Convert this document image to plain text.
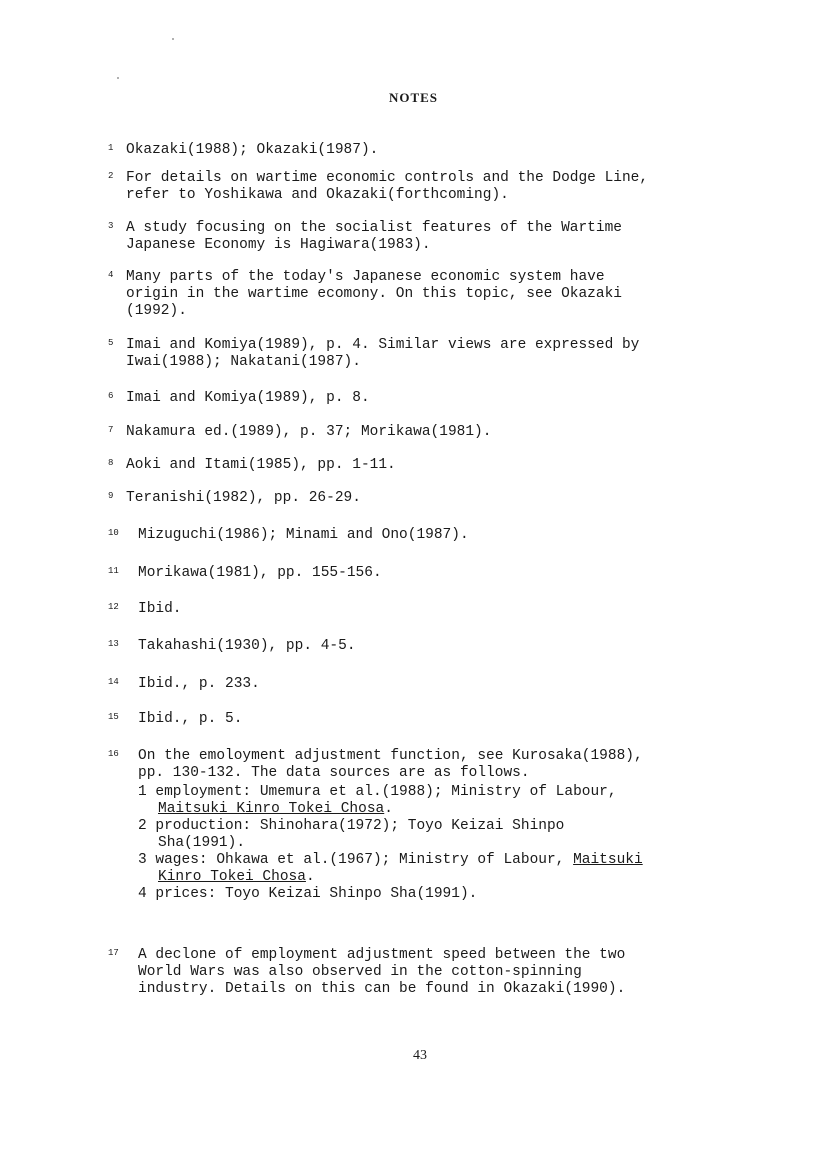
NOTES
1 Okazaki(1988); Okazaki(1987).
2 For details on wartime economic controls and the Dodge Line,
refer to Yoshikawa and Okazaki(forthcoming).
3 A study focusing on the socialist features of the Wartime
Japanese Economy is Hagiwara(1983).
4 Many parts of the today's Japanese economic system have
origin in the wartime ecomony. On this topic, see Okazaki
(1992).
5 Imai and Komiya(1989), p. 4. Similar views are expressed by
Iwai(1988); Nakatani(1987).
6 Imai and Komiya(1989), p. 8.
7 Nakamura ed.(1989), p. 37; Morikawa(1981).
8 Aoki and Itami(1985), pp. 1-11.
9 Teranishi(1982), pp. 26-29.
10 Mizuguchi(1986); Minami and Ono(1987).
11 Morikawa(1981), pp. 155-156.
12 Ibid.
13 Takahashi(1930), pp. 4-5.
14 Ibid., p. 233.
15 Ibid., p. 5.
16 On the emoloyment adjustment function, see Kurosaka(1988),
pp. 130-132. The data sources are as follows.
1 employment: Umemura et al.(1988); Ministry of Labour,
Maitsuki Kinro Tokei Chosa.
2 production: Shinohara(1972); Toyo Keizai Shinpo
Sha(1991).
3 wages: Ohkawa et al.(1967); Ministry of Labour, Maitsuki
Kinro Tokei Chosa.
4 prices: Toyo Keizai Shinpo Sha(1991).
17 A declone of employment adjustment speed between the two
World Wars was also observed in the cotton-spinning
industry. Details on this can be found in Okazaki(1990).
43
